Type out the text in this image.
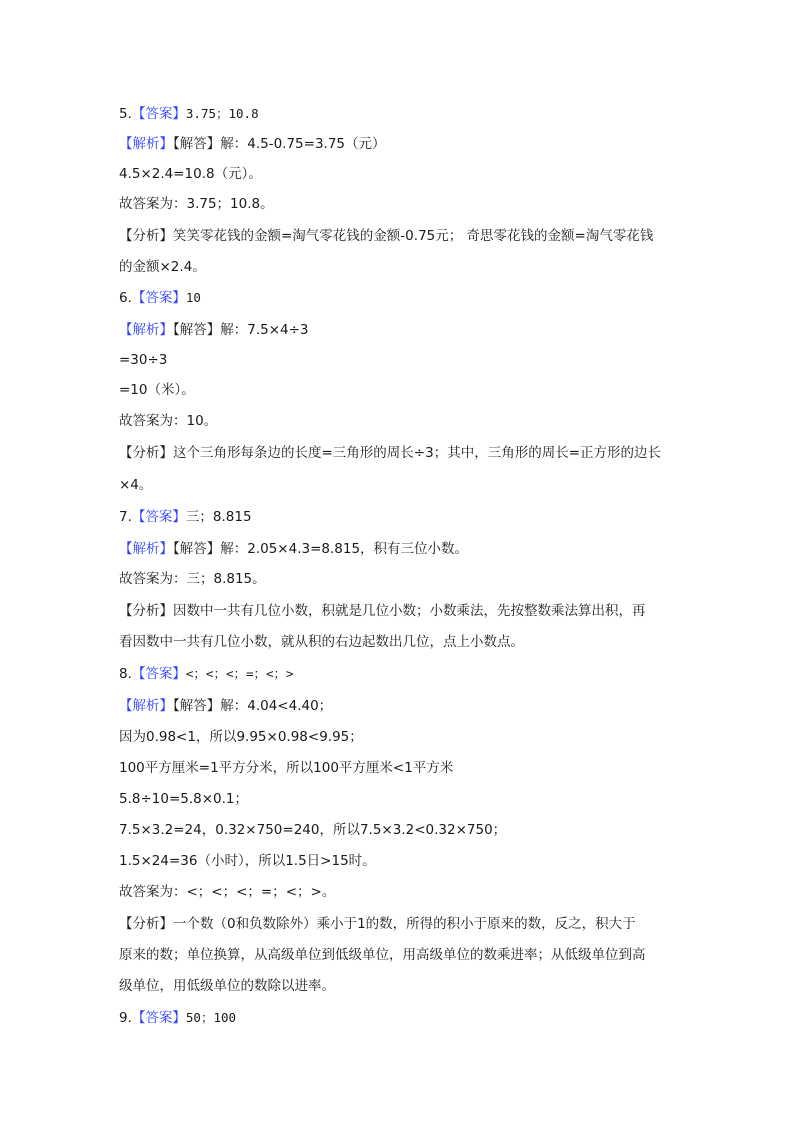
5.【答案】3.75；10.8
【解析】【解答】解：4.5-0.75=3.75（元）
4.5×2.4=10.8（元）。
故答案为：3.75；10.8。
【分析】笑笑零花钱的金额=淘气零花钱的金额-0.75元； 奇思零花钱的金额=淘气零花钱
的金额×2.4。
6.【答案】10
【解析】【解答】解：7.5×4÷3
=30÷3
=10（米）。
故答案为：10。
【分析】这个三角形每条边的长度=三角形的周长÷3；其中，三角形的周长=正方形的边长
×4。
7.【答案】三；8.815
【解析】【解答】解：2.05×4.3=8.815，积有三位小数。
故答案为：三；8.815。
【分析】因数中一共有几位小数，积就是几位小数；小数乘法，先按整数乘法算出积，再
看因数中一共有几位小数，就从积的右边起数出几位，点上小数点。
8.【答案】<；<；<；=；<；>
【解析】【解答】解：4.04<4.40；
因为0.98<1，所以9.95×0.98<9.95；
100平方厘米=1平方分米，所以100平方厘米<1平方米
5.8÷10=5.8×0.1；
7.5×3.2=24，0.32×750=240，所以7.5×3.2<0.32×750；
1.5×24=36（小时），所以1.5日>15时。
故答案为：<；<；<；=；<；>。
【分析】一个数（0和负数除外）乘小于1的数，所得的积小于原来的数，反之，积大于
原来的数；单位换算，从高级单位到低级单位，用高级单位的数乘进率；从低级单位到高
级单位，用低级单位的数除以进率。
9.【答案】50；100
